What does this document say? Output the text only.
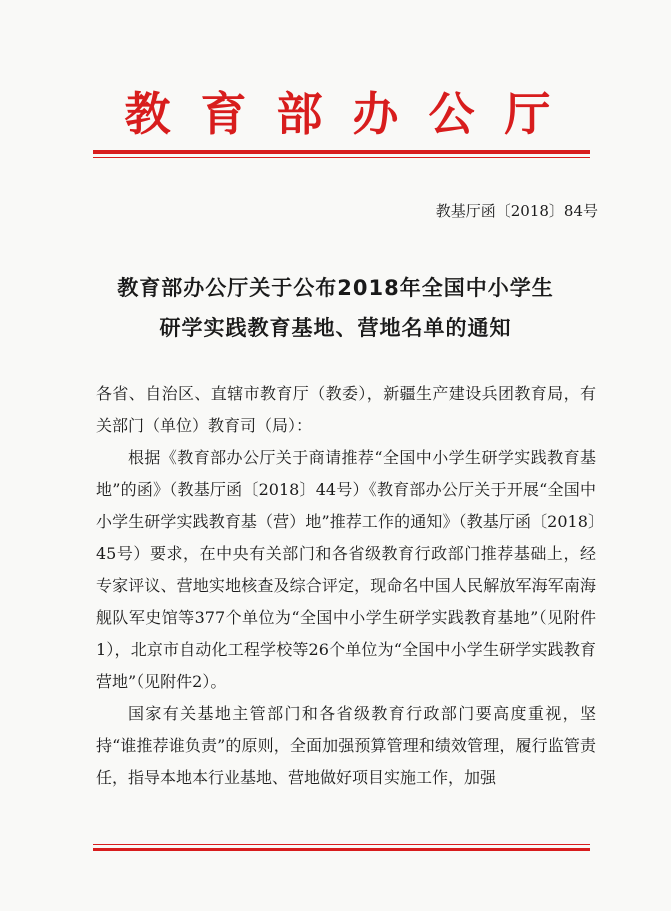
教育部办公厅
教基厅函〔2018〕84号
教育部办公厅关于公布2018年全国中小学生
研学实践教育基地、营地名单的通知

各省、自治区、直辖市教育厅（教委），新疆生产建设兵团教育局，有关部门（单位）教育司（局）：

根据《教育部办公厅关于商请推荐“全国中小学生研学实践教育基地”的函》（教基厅函〔2018〕44号）《教育部办公厅关于开展“全国中小学生研学实践教育基（营）地”推荐工作的通知》（教基厅函〔2018〕45号）要求，在中央有关部门和各省级教育行政部门推荐基础上，经专家评议、营地实地核查及综合评定，现命名中国人民解放军海军南海舰队军史馆等377个单位为“全国中小学生研学实践教育基地”（见附件1），北京市自动化工程学校等26个单位为“全国中小学生研学实践教育营地”（见附件2）。

国家有关基地主管部门和各省级教育行政部门要高度重视，坚持“谁推荐谁负责”的原则，全面加强预算管理和绩效管理，履行监管责任，指导本地本行业基地、营地做好项目实施工作，加强
